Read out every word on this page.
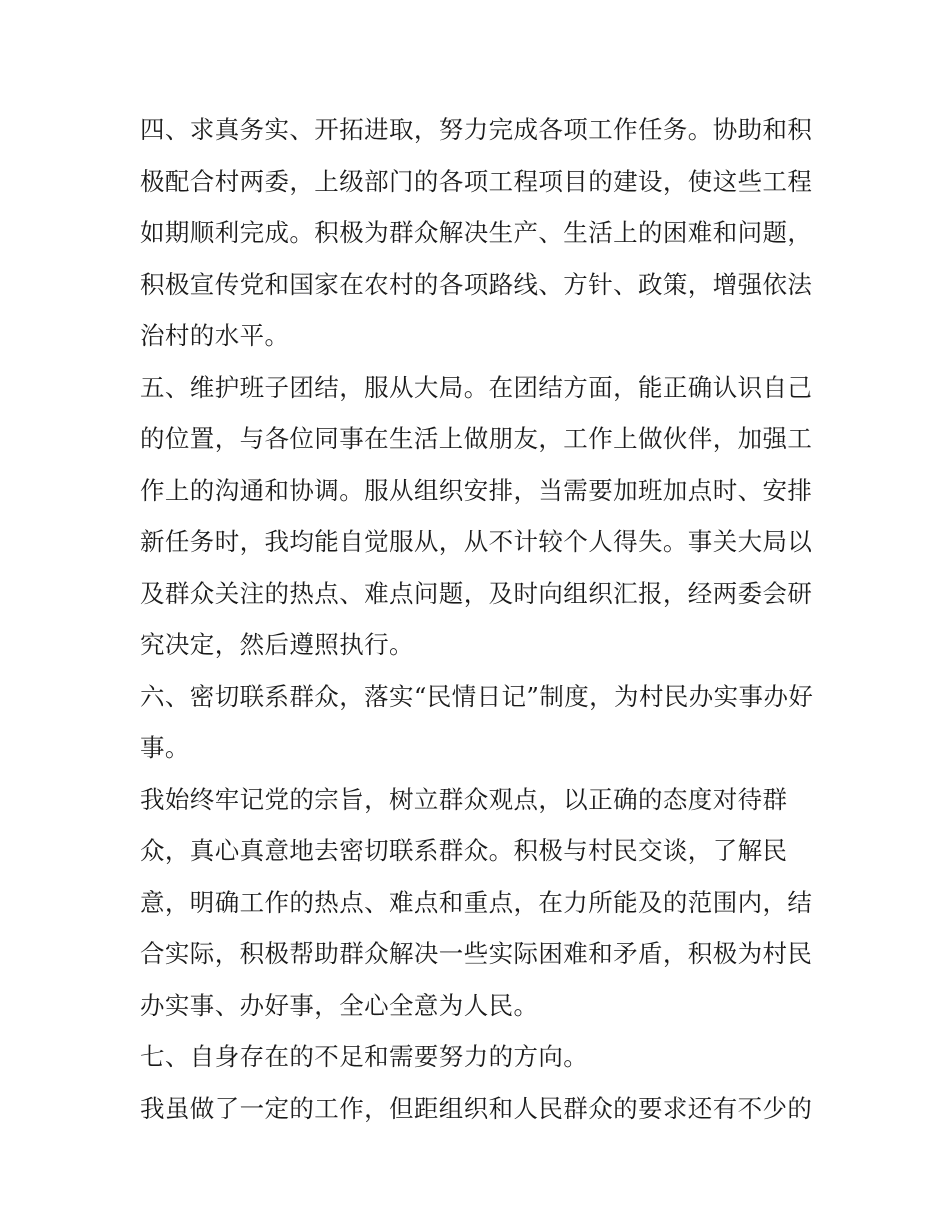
四、求真务实、开拓进取，努力完成各项工作任务。协助和积
极配合村两委，上级部门的各项工程项目的建设，使这些工程
如期顺利完成。积极为群众解决生产、生活上的困难和问题，
积极宣传党和国家在农村的各项路线、方针、政策，增强依法
治村的水平。
五、维护班子团结，服从大局。在团结方面，能正确认识自己
的位置，与各位同事在生活上做朋友，工作上做伙伴，加强工
作上的沟通和协调。服从组织安排，当需要加班加点时、安排
新任务时，我均能自觉服从，从不计较个人得失。事关大局以
及群众关注的热点、难点问题，及时向组织汇报，经两委会研
究决定，然后遵照执行。
六、密切联系群众，落实“民情日记”制度，为村民办实事办好
事。
我始终牢记党的宗旨，树立群众观点，以正确的态度对待群
众，真心真意地去密切联系群众。积极与村民交谈，了解民
意，明确工作的热点、难点和重点，在力所能及的范围内，结
合实际，积极帮助群众解决一些实际困难和矛盾，积极为村民
办实事、办好事，全心全意为人民。
七、自身存在的不足和需要努力的方向。
我虽做了一定的工作，但距组织和人民群众的要求还有不少的
